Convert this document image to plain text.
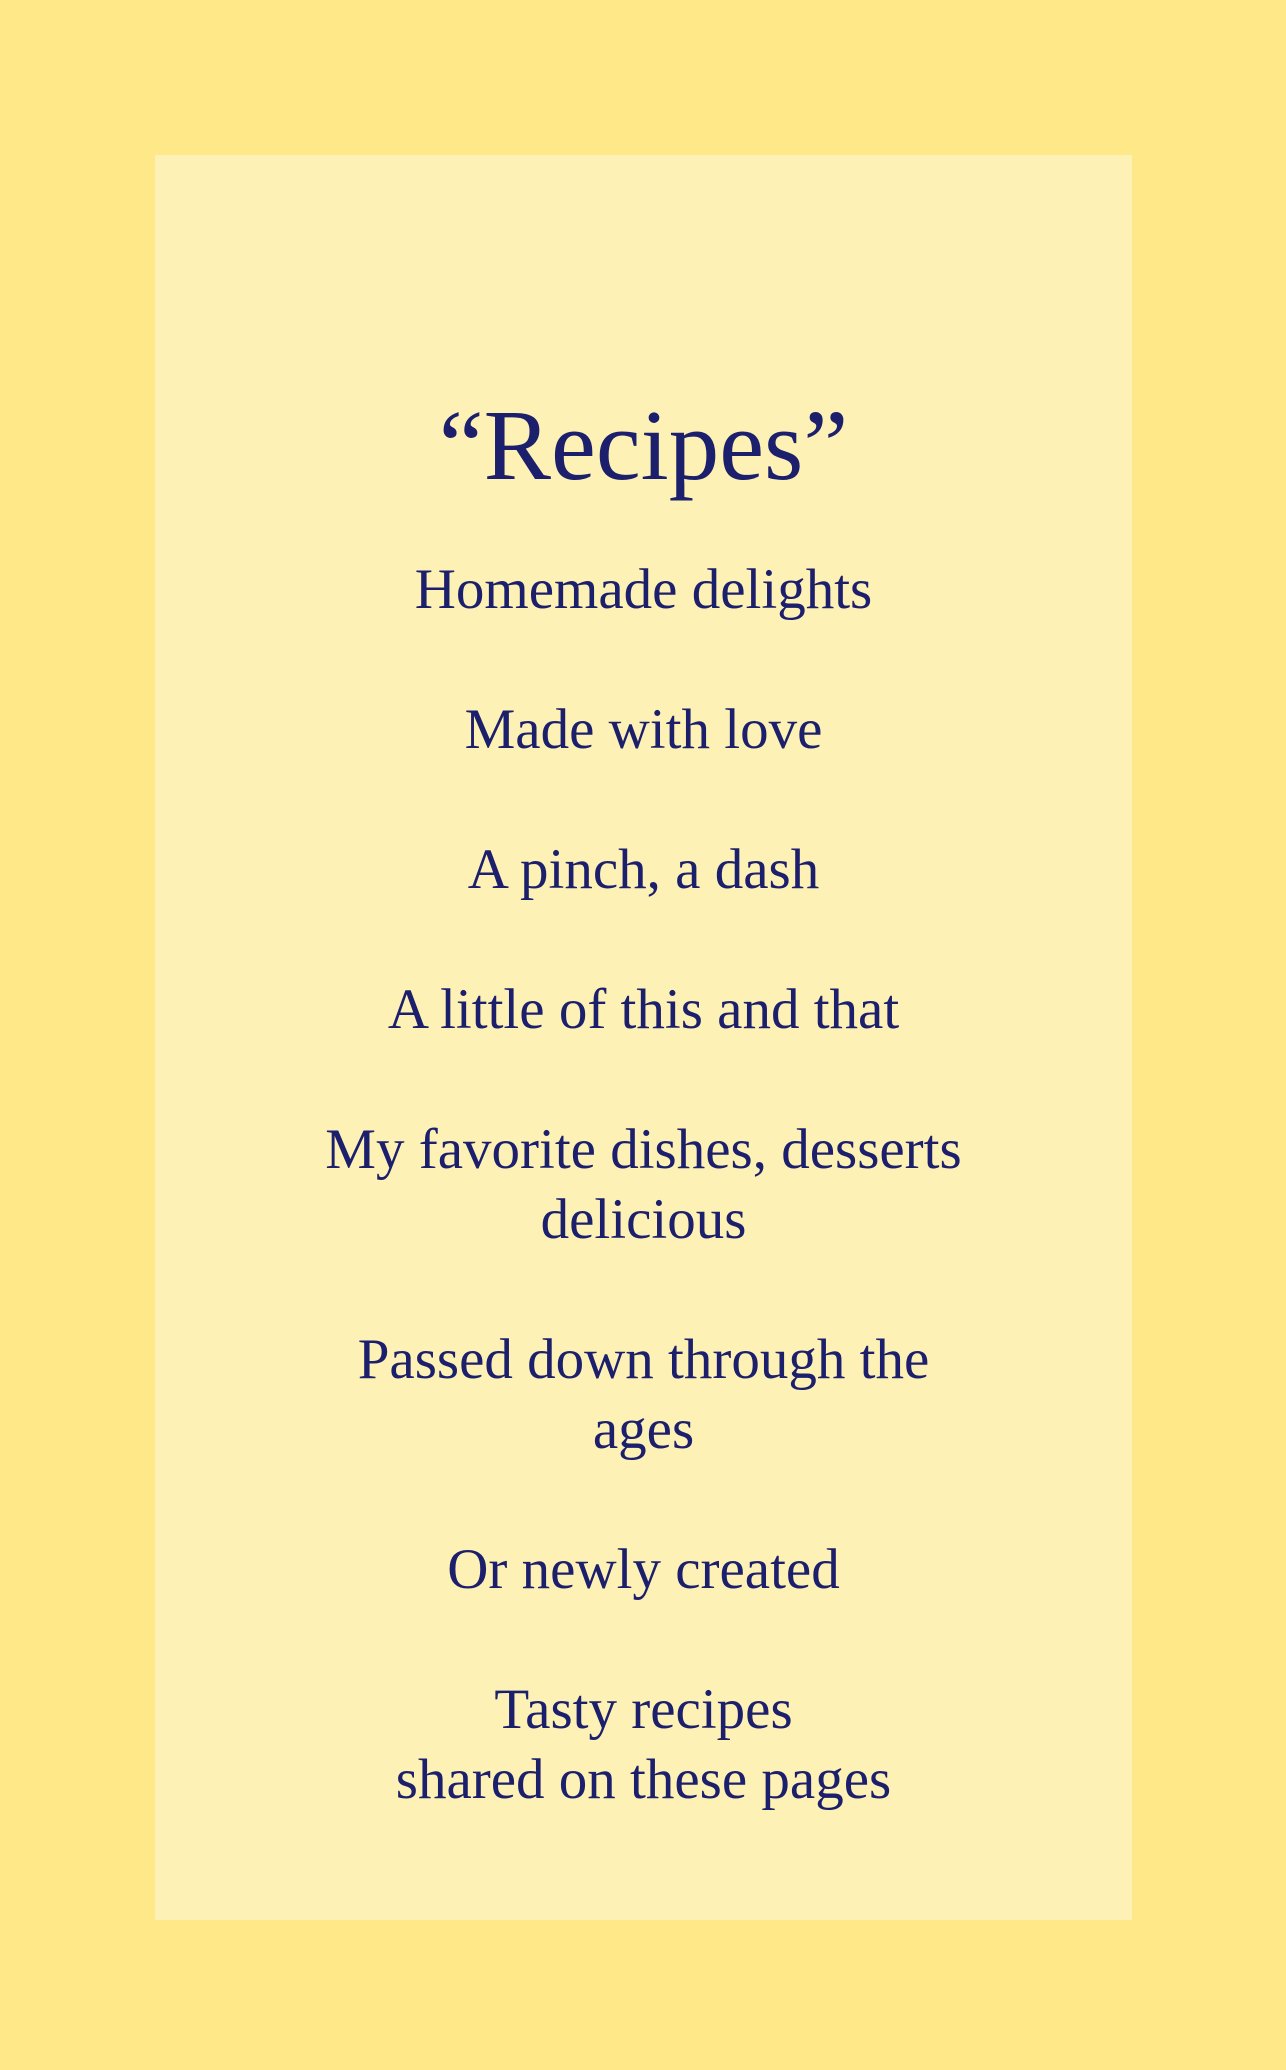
“Recipes”

Homemade delights

Made with love

A pinch, a dash

A little of this and that

My favorite dishes, desserts
delicious

Passed down through the
ages

Or newly created

Tasty recipes
shared on these pages
